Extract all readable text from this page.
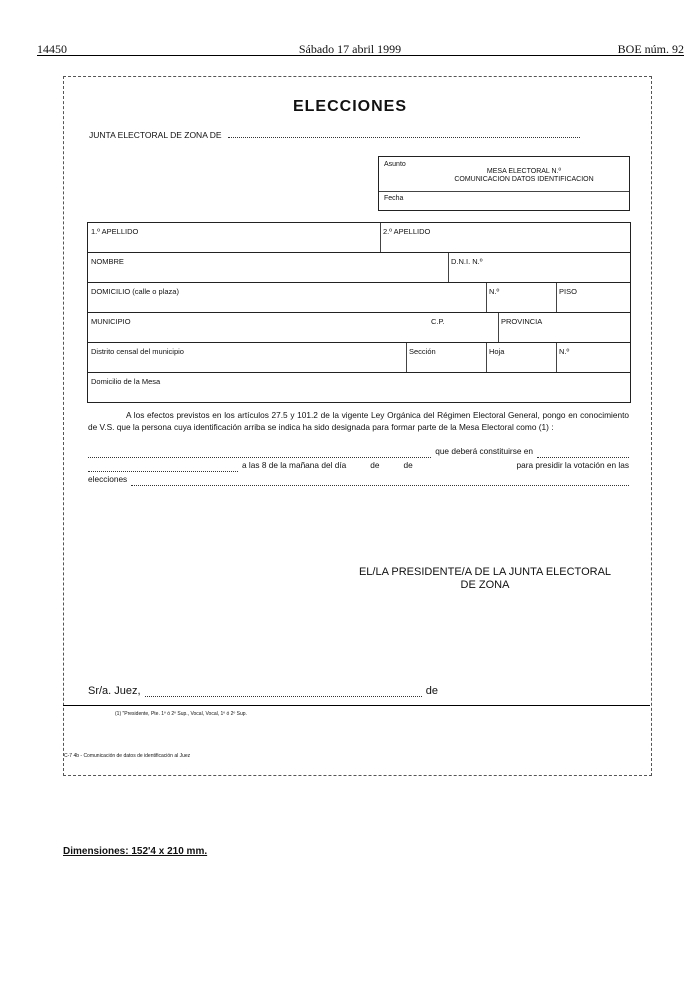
14450	Sábado 17 abril 1999	BOE núm. 92
ELECCIONES
JUNTA ELECTORAL DE ZONA DE
Asunto
MESA ELECTORAL N.º
COMUNICACION DATOS IDENTIFICACION
Fecha
1.º APELLIDO	2.º APELLIDO
NOMBRE	D.N.I. N.º
DOMICILIO (calle o plaza)	N.º	PISO
MUNICIPIO	C.P.	PROVINCIA
Distrito censal del municipio	Sección	Hoja	N.º
Domicilio de la Mesa
A los efectos previstos en los artículos 27.5 y 101.2 de la vigente Ley Orgánica del Régimen Electoral General, pongo en conocimiento de V.S. que la persona cuya identificación arriba se indica ha sido designada para formar parte de la Mesa Electoral como (1) :
que deberá constituirse en
a las 8 de la mañana del día	de	de	para presidir la votación en las
elecciones
EL/LA PRESIDENTE/A DE LA JUNTA ELECTORAL
DE ZONA
Sr/a. Juez,	de
(1) "Presidente, Pte. 1º ó 2º Sup., Vocal, Vocal, 1º ó 2º Sup.
C-7 4b - Comunicación de datos de identificación al Juez
Dimensiones: 152'4 x 210 mm.
